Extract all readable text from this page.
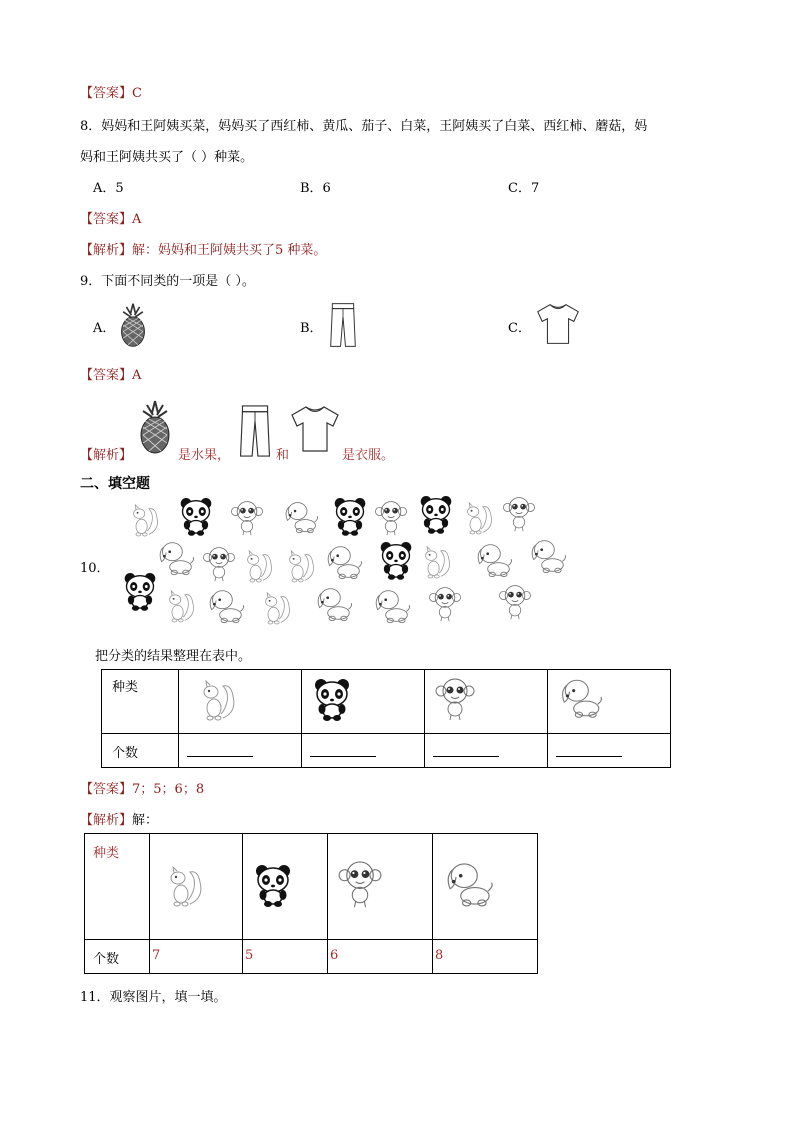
【答案】C
8．妈妈和王阿姨买菜，妈妈买了西红柿、黄瓜、茄子、白菜，王阿姨买了白菜、西红柿、蘑菇，妈
妈和王阿姨共买了（ ）种菜。
A．5	B．6	C．7
【答案】A
【解析】解：妈妈和王阿姨共买了5 种菜。
9．下面不同类的一项是（ ）。
A．	B．	C．
【答案】A
【解析】	是水果，	和	是衣服。
二、填空题
10．
把分类的结果整理在表中。
种类				
个数				
【答案】7；5；6；8
【解析】解：
种类				
个数	7	5	6	8
11．观察图片，填一填。
